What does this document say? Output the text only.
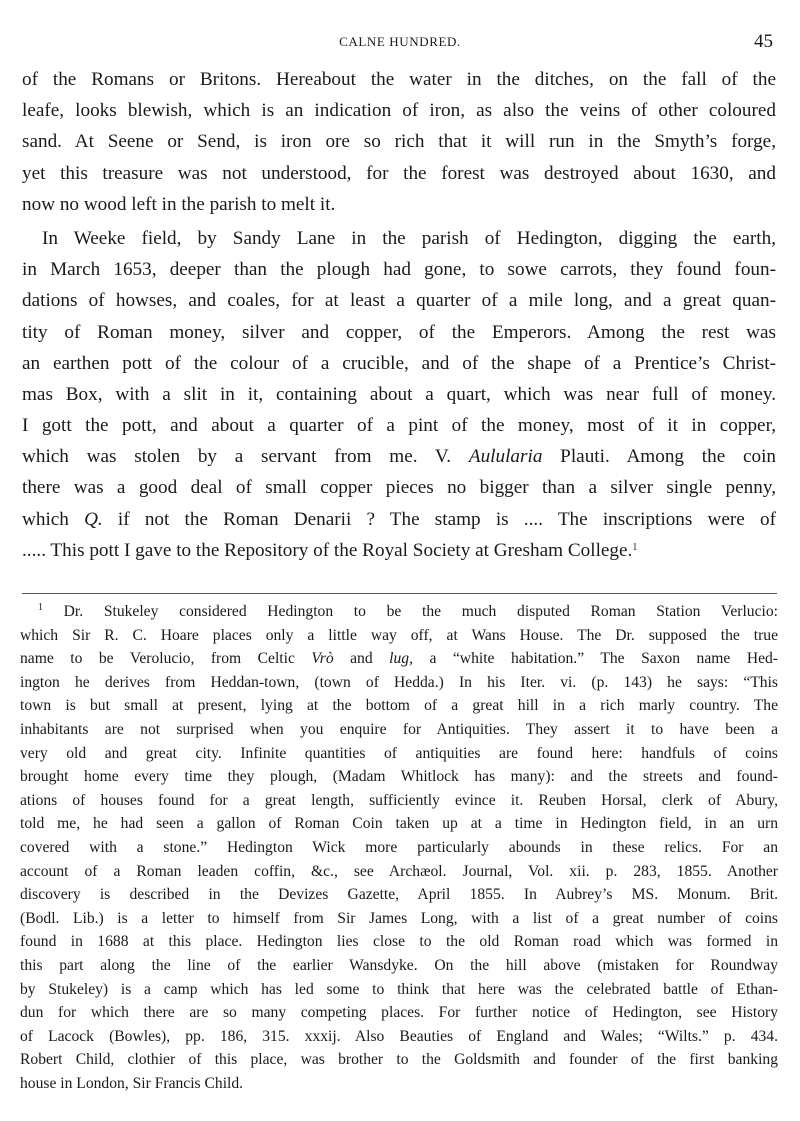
CALNE HUNDRED.	45
of the Romans or Britons. Hereabout the water in the ditches, on the fall of the
leafe, looks blewish, which is an indication of iron, as also the veins of other coloured
sand. At Seene or Send, is iron ore so rich that it will run in the Smyth’s forge,
yet this treasure was not understood, for the forest was destroyed about 1630, and
now no wood left in the parish to melt it.
In Weeke field, by Sandy Lane in the parish of Hedington, digging the earth,
in March 1653, deeper than the plough had gone, to sowe carrots, they found foun-
dations of howses, and coales, for at least a quarter of a mile long, and a great quan-
tity of Roman money, silver and copper, of the Emperors. Among the rest was
an earthen pott of the colour of a crucible, and of the shape of a Prentice’s Christ-
mas Box, with a slit in it, containing about a quart, which was near full of money.
I gott the pott, and about a quarter of a pint of the money, most of it in copper,
which was stolen by a servant from me. V. Aulularia Plauti. Among the coin
there was a good deal of small copper pieces no bigger than a silver single penny,
which Q. if not the Roman Denarii ? The stamp is .... The inscriptions were of
..... This pott I gave to the Repository of the Royal Society at Gresham College.$^1$
$^1$ Dr. Stukeley considered Hedington to be the much disputed Roman Station Verlucio:
which Sir R. C. Hoare places only a little way off, at Wans House. The Dr. supposed the true
name to be Verolucio, from Celtic Vrò and lug, a “white habitation.” The Saxon name Hed-
ington he derives from Heddan-town, (town of Hedda.) In his Iter. vi. (p. 143) he says: “This
town is but small at present, lying at the bottom of a great hill in a rich marly country. The
inhabitants are not surprised when you enquire for Antiquities. They assert it to have been a
very old and great city. Infinite quantities of antiquities are found here: handfuls of coins
brought home every time they plough, (Madam Whitlock has many): and the streets and found-
ations of houses found for a great length, sufficiently evince it. Reuben Horsal, clerk of Abury,
told me, he had seen a gallon of Roman Coin taken up at a time in Hedington field, in an urn
covered with a stone.” Hedington Wick more particularly abounds in these relics. For an
account of a Roman leaden coffin, &c., see Archæol. Journal, Vol. xii. p. 283, 1855. Another
discovery is described in the Devizes Gazette, April 1855. In Aubrey’s MS. Monum. Brit.
(Bodl. Lib.) is a letter to himself from Sir James Long, with a list of a great number of coins
found in 1688 at this place. Hedington lies close to the old Roman road which was formed in
this part along the line of the earlier Wansdyke. On the hill above (mistaken for Roundway
by Stukeley) is a camp which has led some to think that here was the celebrated battle of Ethan-
dun for which there are so many competing places. For further notice of Hedington, see History
of Lacock (Bowles), pp. 186, 315. xxxij. Also Beauties of England and Wales; “Wilts.” p. 434.
Robert Child, clothier of this place, was brother to the Goldsmith and founder of the first banking
house in London, Sir Francis Child.
